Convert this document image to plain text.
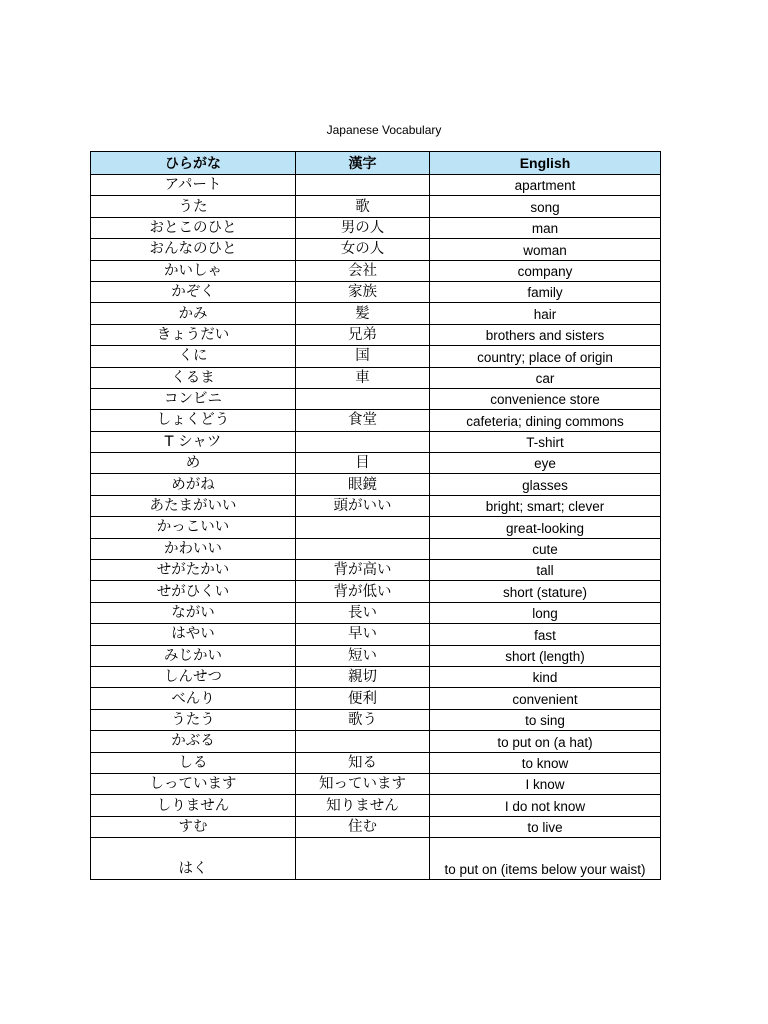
Japanese Vocabulary
ひらがな	漢字	English
アパート		apartment
うた	歌	song
おとこのひと	男の人	man
おんなのひと	女の人	woman
かいしゃ	会社	company
かぞく	家族	family
かみ	髪	hair
きょうだい	兄弟	brothers and sisters
くに	国	country; place of origin
くるま	車	car
コンビニ		convenience store
しょくどう	食堂	cafeteria; dining commons
T シャツ		T-shirt
め	目	eye
めがね	眼鏡	glasses
あたまがいい	頭がいい	bright; smart; clever
かっこいい		great-looking
かわいい		cute
せがたかい	背が高い	tall
せがひくい	背が低い	short (stature)
ながい	長い	long
はやい	早い	fast
みじかい	短い	short (length)
しんせつ	親切	kind
べんり	便利	convenient
うたう	歌う	to sing
かぶる		to put on (a hat)
しる	知る	to know
しっています	知っています	I know
しりません	知りません	I do not know
すむ	住む	to live
はく		to put on (items below your waist)
